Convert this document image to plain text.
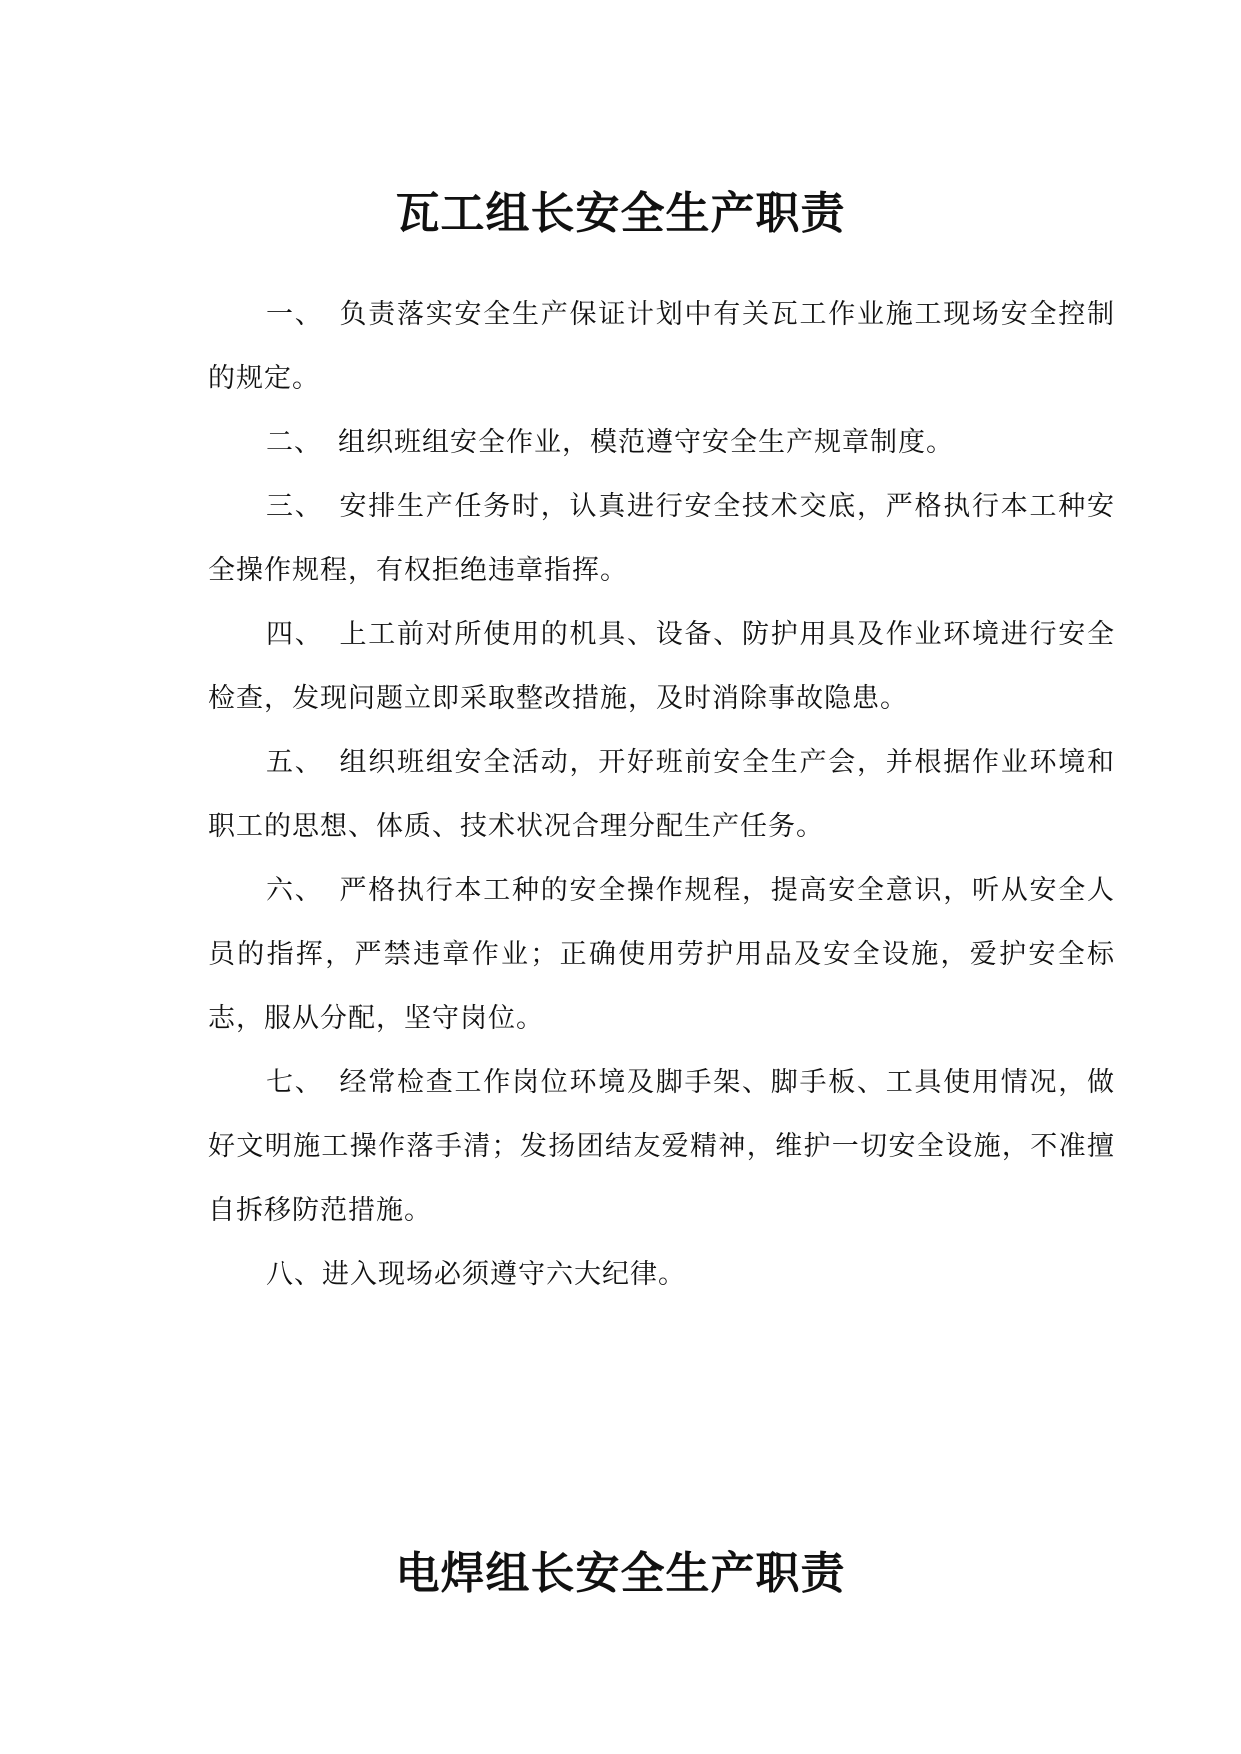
瓦工组长安全生产职责

一、 负责落实安全生产保证计划中有关瓦工作业施工现场安全控制的规定。

二、 组织班组安全作业，模范遵守安全生产规章制度。

三、 安排生产任务时，认真进行安全技术交底，严格执行本工种安全操作规程，有权拒绝违章指挥。

四、 上工前对所使用的机具、设备、防护用具及作业环境进行安全检查，发现问题立即采取整改措施，及时消除事故隐患。

五、 组织班组安全活动，开好班前安全生产会，并根据作业环境和职工的思想、体质、技术状况合理分配生产任务。

六、 严格执行本工种的安全操作规程，提高安全意识，听从安全人员的指挥，严禁违章作业；正确使用劳护用品及安全设施，爱护安全标志，服从分配，坚守岗位。

七、 经常检查工作岗位环境及脚手架、脚手板、工具使用情况，做好文明施工操作落手清；发扬团结友爱精神，维护一切安全设施，不准擅自拆移防范措施。

八、进入现场必须遵守六大纪律。

电焊组长安全生产职责
